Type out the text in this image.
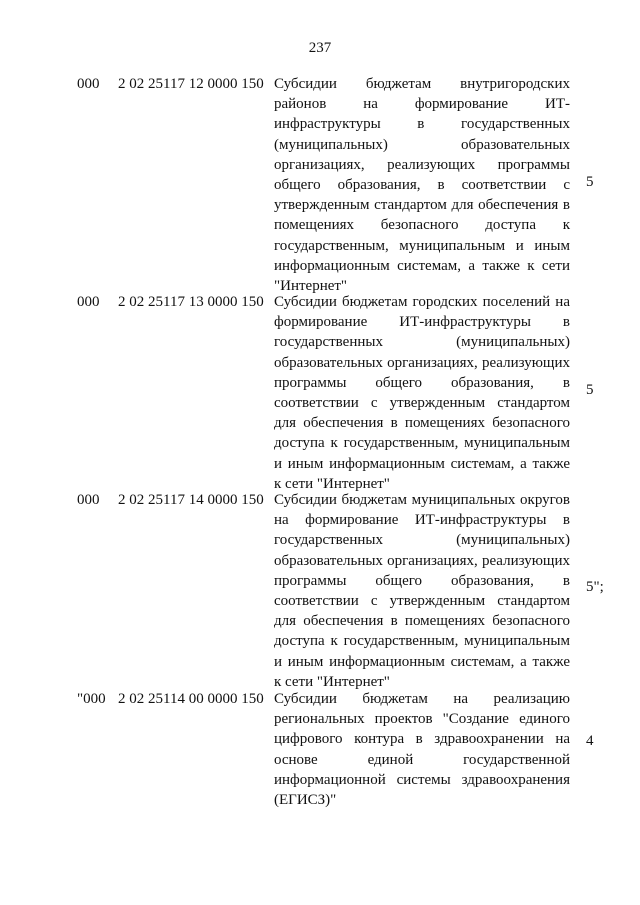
237
000 2 02 25117 12 0000 150 Субсидии бюджетам внутригородских районов на формирование ИТ-инфраструктуры в государственных (муниципальных) образовательных организациях, реализующих программы общего образования, в соответствии с утвержденным стандартом для обеспечения в помещениях безопасного доступа к государственным, муниципальным и иным информационным системам, а также к сети "Интернет"
5
000 2 02 25117 13 0000 150 Субсидии бюджетам городских поселений на формирование ИТ-инфраструктуры в государственных (муниципальных) образовательных организациях, реализующих программы общего образования, в соответствии с утвержденным стандартом для обеспечения в помещениях безопасного доступа к государственным, муниципальным и иным информационным системам, а также к сети "Интернет"
5
000 2 02 25117 14 0000 150 Субсидии бюджетам муниципальных округов на формирование ИТ-инфраструктуры в государственных (муниципальных) образовательных организациях, реализующих программы общего образования, в соответствии с утвержденным стандартом для обеспечения в помещениях безопасного доступа к государственным, муниципальным и иным информационным системам, а также к сети "Интернет"
5";
"000 2 02 25114 00 0000 150 Субсидии бюджетам на реализацию региональных проектов "Создание единого цифрового контура в здравоохранении на основе единой государственной информационной системы здравоохранения (ЕГИСЗ)"
4
